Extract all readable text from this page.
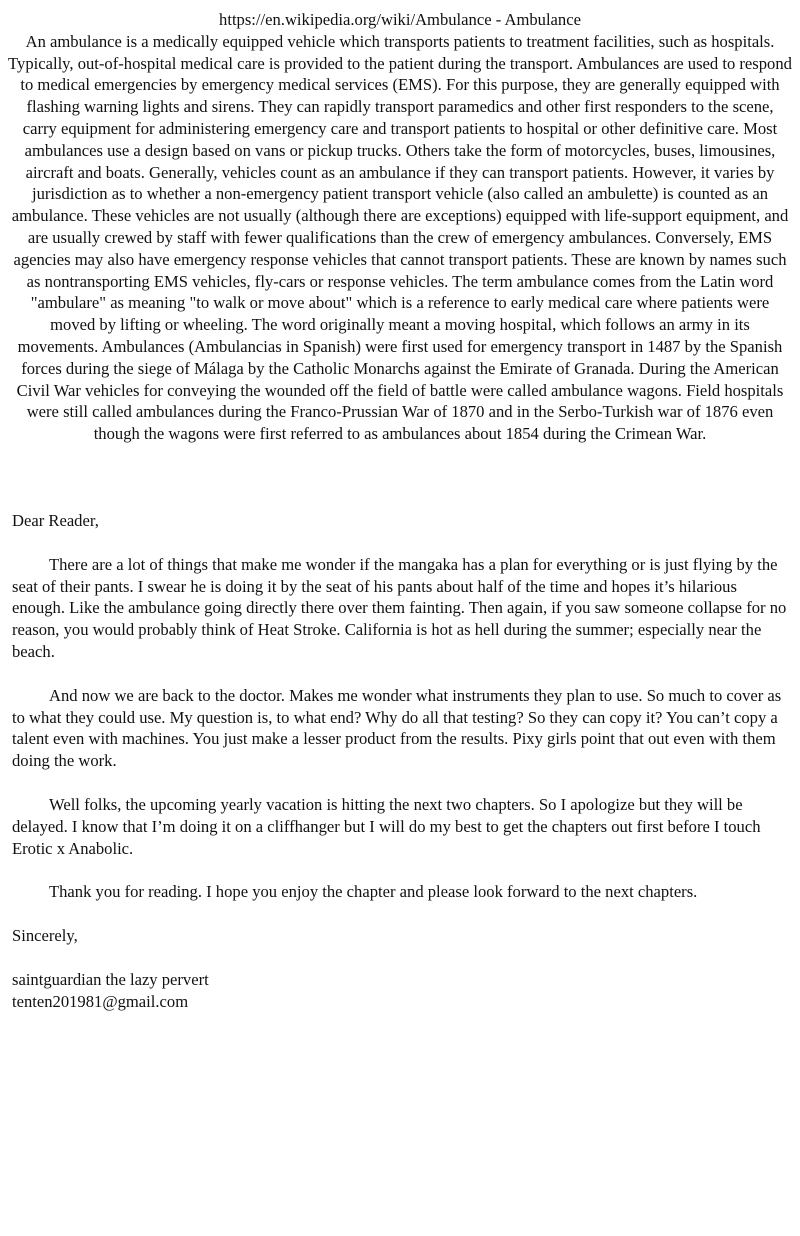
https://en.wikipedia.org/wiki/Ambulance - Ambulance
An ambulance is a medically equipped vehicle which transports patients to treatment facilities, such as hospitals. Typically, out-of-hospital medical care is provided to the patient during the transport. Ambulances are used to respond to medical emergencies by emergency medical services (EMS). For this purpose, they are generally equipped with flashing warning lights and sirens. They can rapidly transport paramedics and other first responders to the scene, carry equipment for administering emergency care and transport patients to hospital or other definitive care. Most ambulances use a design based on vans or pickup trucks. Others take the form of motorcycles, buses, limousines, aircraft and boats. Generally, vehicles count as an ambulance if they can transport patients. However, it varies by jurisdiction as to whether a non-emergency patient transport vehicle (also called an ambulette) is counted as an ambulance. These vehicles are not usually (although there are exceptions) equipped with life-support equipment, and are usually crewed by staff with fewer qualifications than the crew of emergency ambulances. Conversely, EMS agencies may also have emergency response vehicles that cannot transport patients. These are known by names such as nontransporting EMS vehicles, fly-cars or response vehicles. The term ambulance comes from the Latin word "ambulare" as meaning "to walk or move about" which is a reference to early medical care where patients were moved by lifting or wheeling. The word originally meant a moving hospital, which follows an army in its movements. Ambulances (Ambulancias in Spanish) were first used for emergency transport in 1487 by the Spanish forces during the siege of Málaga by the Catholic Monarchs against the Emirate of Granada. During the American Civil War vehicles for conveying the wounded off the field of battle were called ambulance wagons. Field hospitals were still called ambulances during the Franco-Prussian War of 1870 and in the Serbo-Turkish war of 1876 even though the wagons were first referred to as ambulances about 1854 during the Crimean War.

Dear Reader,

There are a lot of things that make me wonder if the mangaka has a plan for everything or is just flying by the seat of their pants. I swear he is doing it by the seat of his pants about half of the time and hopes it’s hilarious enough. Like the ambulance going directly there over them fainting. Then again, if you saw someone collapse for no reason, you would probably think of Heat Stroke. California is hot as hell during the summer; especially near the beach.

And now we are back to the doctor. Makes me wonder what instruments they plan to use. So much to cover as to what they could use. My question is, to what end? Why do all that testing? So they can copy it? You can’t copy a talent even with machines. You just make a lesser product from the results. Pixy girls point that out even with them doing the work.

Well folks, the upcoming yearly vacation is hitting the next two chapters. So I apologize but they will be delayed. I know that I’m doing it on a cliffhanger but I will do my best to get the chapters out first before I touch Erotic x Anabolic.

Thank you for reading. I hope you enjoy the chapter and please look forward to the next chapters.

Sincerely,

saintguardian the lazy pervert
tenten201981@gmail.com
